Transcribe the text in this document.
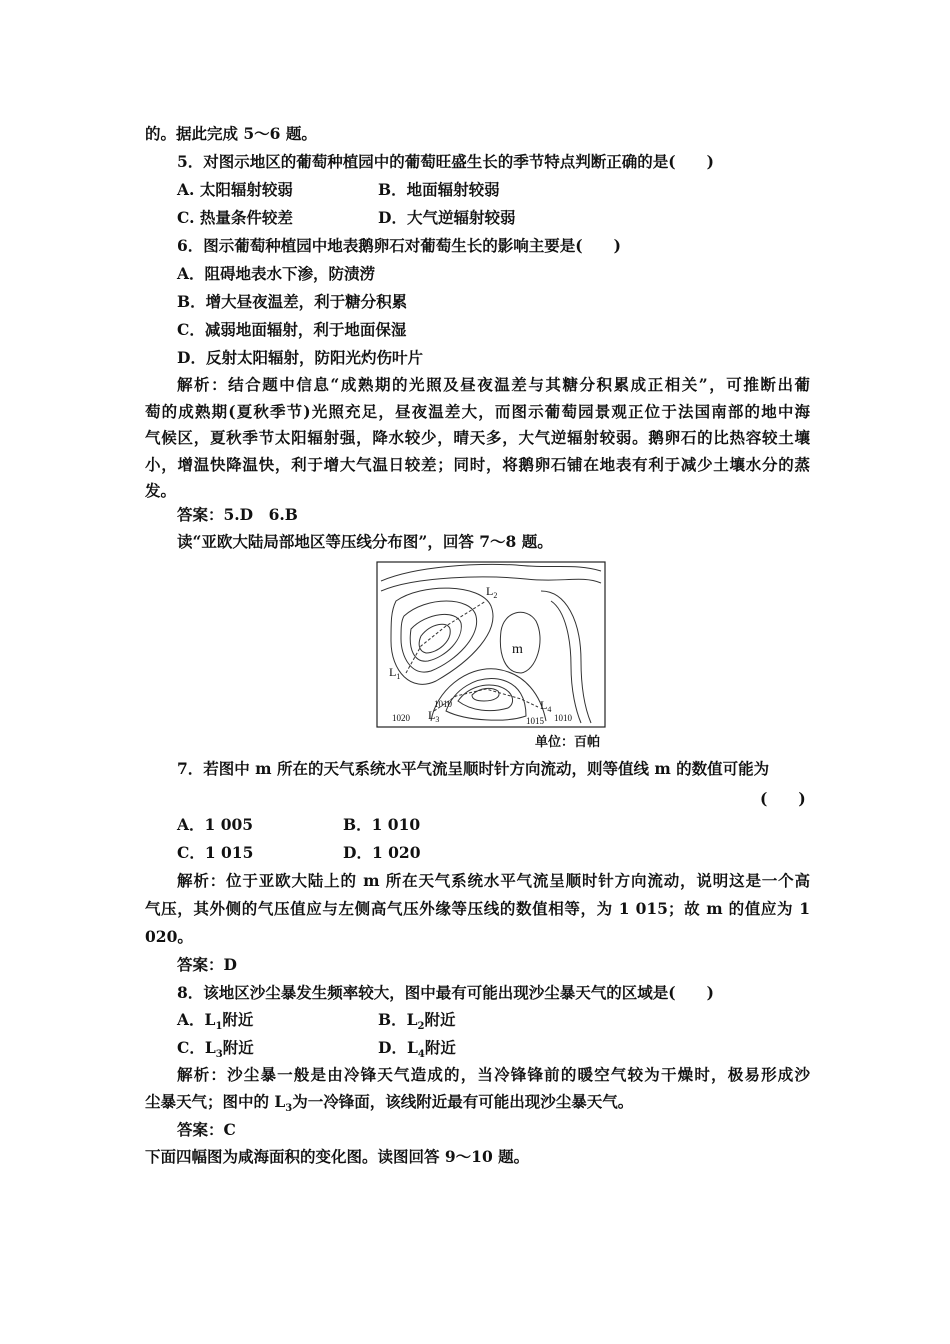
的。据此完成 5～6 题。
5．对图示地区的葡萄种植园中的葡萄旺盛生长的季节特点判断正确的是(　　)
A. 太阳辐射较弱	B．地面辐射较弱
C. 热量条件较差	D．大气逆辐射较弱
6．图示葡萄种植园中地表鹅卵石对葡萄生长的影响主要是(　　)
A．阻碍地表水下渗，防渍涝
B．增大昼夜温差，利于糖分积累
C．减弱地面辐射，利于地面保湿
D．反射太阳辐射，防阳光灼伤叶片
解析：结合题中信息“成熟期的光照及昼夜温差与其糖分积累成正相关”，可推断出葡
萄的成熟期(夏秋季节)光照充足，昼夜温差大，而图示葡萄园景观正位于法国南部的地中海
气候区，夏秋季节太阳辐射强，降水较少，晴天多，大气逆辐射较弱。鹅卵石的比热容较土壤
小，增温快降温快，利于增大气温日较差；同时，将鹅卵石铺在地表有利于减少土壤水分的蒸
发。
答案：5.D　6.B
读“亚欧大陆局部地区等压线分布图”，回答 7～8 题。
$L_2$
$L_1$
m
$L_3$
$L_4$
1010
1020	1015 1010
单位：百帕
7．若图中 m 所在的天气系统水平气流呈顺时针方向流动，则等值线 m 的数值可能为
(　　)
A．1 005	B．1 010
C．1 015	D．1 020
解析：位于亚欧大陆上的 m 所在天气系统水平气流呈顺时针方向流动，说明这是一个高
气压，其外侧的气压值应与左侧高气压外缘等压线的数值相等，为 1 015；故 m 的值应为 1
020。
答案：D
8．该地区沙尘暴发生频率较大，图中最有可能出现沙尘暴天气的区域是(　　)
A．$L_1$附近	B．$L_2$附近
C．$L_3$附近	D．$L_4$附近
解析：沙尘暴一般是由冷锋天气造成的，当冷锋锋前的暖空气较为干燥时，极易形成沙
尘暴天气；图中的 $L_3$为一冷锋面，该线附近最有可能出现沙尘暴天气。
答案：C
下面四幅图为咸海面积的变化图。读图回答 9～10 题。
